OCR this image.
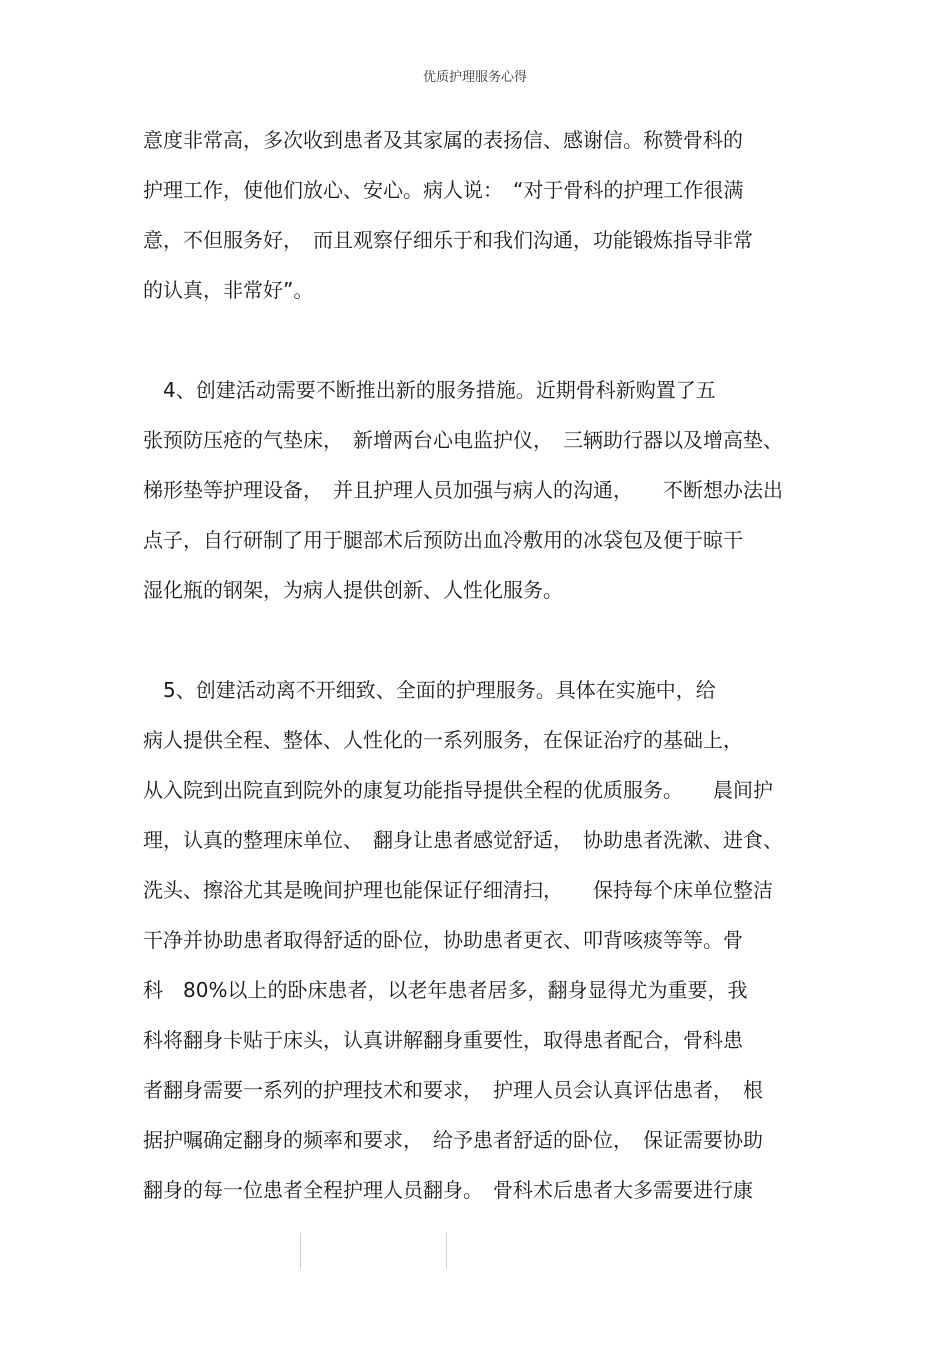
优质护理服务心得
意度非常高，多次收到患者及其家属的表扬信、感谢信。称赞骨科的
护理工作，使他们放心、安心。病人说：　“对于骨科的护理工作很满
意，不但服务好，　而且观察仔细乐于和我们沟通，功能锻炼指导非常
的认真，非常好”。
　4、创建活动需要不断推出新的服务措施。近期骨科新购置了五
张预防压疮的气垫床，　新增两台心电监护仪，　三辆助行器以及增高垫、
梯形垫等护理设备，　并且护理人员加强与病人的沟通，　　不断想办法出
点子，自行研制了用于腿部术后预防出血冷敷用的冰袋包及便于晾干
湿化瓶的钢架，为病人提供创新、人性化服务。
　5、创建活动离不开细致、全面的护理服务。具体在实施中，给
病人提供全程、整体、人性化的一系列服务，在保证治疗的基础上，
从入院到出院直到院外的康复功能指导提供全程的优质服务。　　晨间护
理，认真的整理床单位、　翻身让患者感觉舒适，　协助患者洗漱、进食、
洗头、擦浴尤其是晚间护理也能保证仔细清扫，　　保持每个床单位整洁
干净并协助患者取得舒适的卧位，协助患者更衣、叩背咳痰等等。骨
科　80%以上的卧床患者，以老年患者居多，翻身显得尤为重要，我
科将翻身卡贴于床头，认真讲解翻身重要性，取得患者配合，骨科患
者翻身需要一系列的护理技术和要求，　护理人员会认真评估患者，　根
据护嘱确定翻身的频率和要求，　给予患者舒适的卧位，　保证需要协助
翻身的每一位患者全程护理人员翻身。　骨科术后患者大多需要进行康
